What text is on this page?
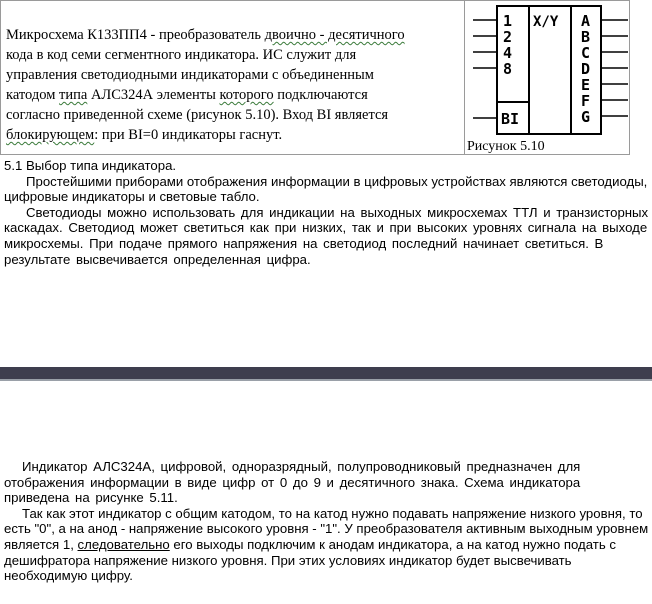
Микросхема К133ПП4 - преобразователь двоично - десятичного

кода в код семи сегментного индикатора. ИС служит для

управления светодиодными индикаторами с объединенным

катодом типа АЛС324А элементы которого подключаются

согласно приведенной схеме (рисунок 5.10). Вход BI является

блокирующем: при BI=0 индикаторы гаснут.

1
2
4
8
BI
X/Y A
B
C
D
E
F
G
Рисунок 5.10

5.1 Выбор типа индикатора.

Простейшими приборами отображения информации в цифровых устройствах являются светодиоды, цифровые индикаторы и световые табло.

Светодиоды можно использовать для индикации на выходных микросхемах ТТЛ и транзисторных каскадах. Светодиод может светиться как при низких, так и при высоких уровнях сигнала на выходе микросхемы. При подаче прямого напряжения на светодиод последний начинает светиться. В результате высвечивается определенная цифра.

Индикатор АЛС324А, цифровой, одноразрядный, полупроводниковый предназначен для отображения информации в виде цифр от 0 до 9 и десятичного знака. Схема индикатора приведена на рисунке 5.11.

Так как этот индикатор с общим катодом, то на катод нужно подавать напряжение низкого уровня, то есть "0", а на анод - напряжение высокого уровня - "1". У преобразователя активным выходным уровнем является 1, следовательно его выходы подключим к анодам индикатора, а на катод нужно подать с дешифратора напряжение низкого уровня. При этих условиях индикатор будет высвечивать необходимую цифру.
